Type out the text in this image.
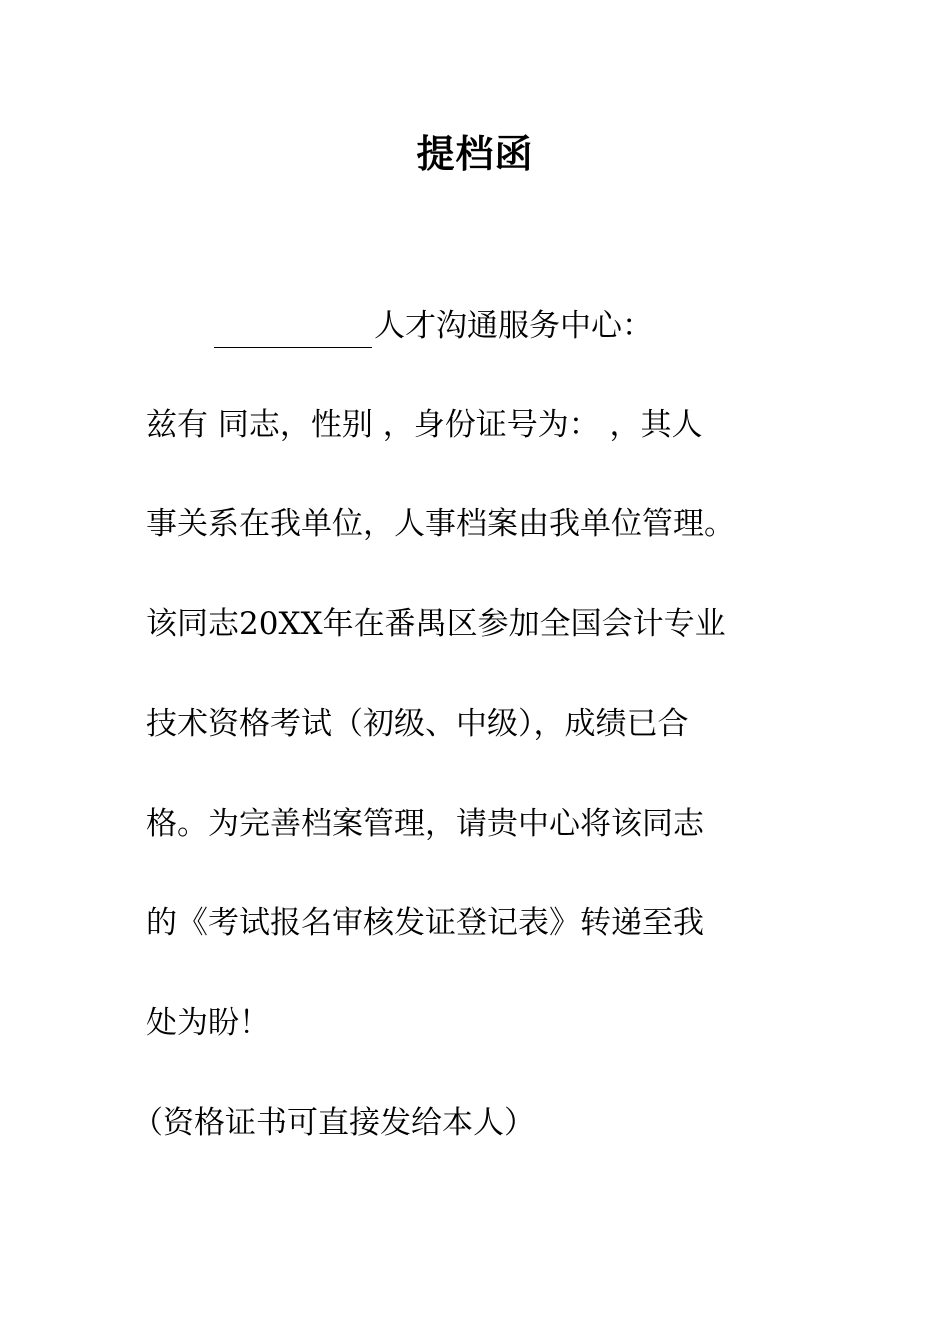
提档函
人才沟通服务中心：
兹有 同志，性别 ，身份证号为： ，其人
事关系在我单位，人事档案由我单位管理。
该同志20XX年在番禺区参加全国会计专业
技术资格考试（初级、中级），成绩已合
格。为完善档案管理，请贵中心将该同志
的《考试报名审核发证登记表》转递至我
处为盼！
（资格证书可直接发给本人）
